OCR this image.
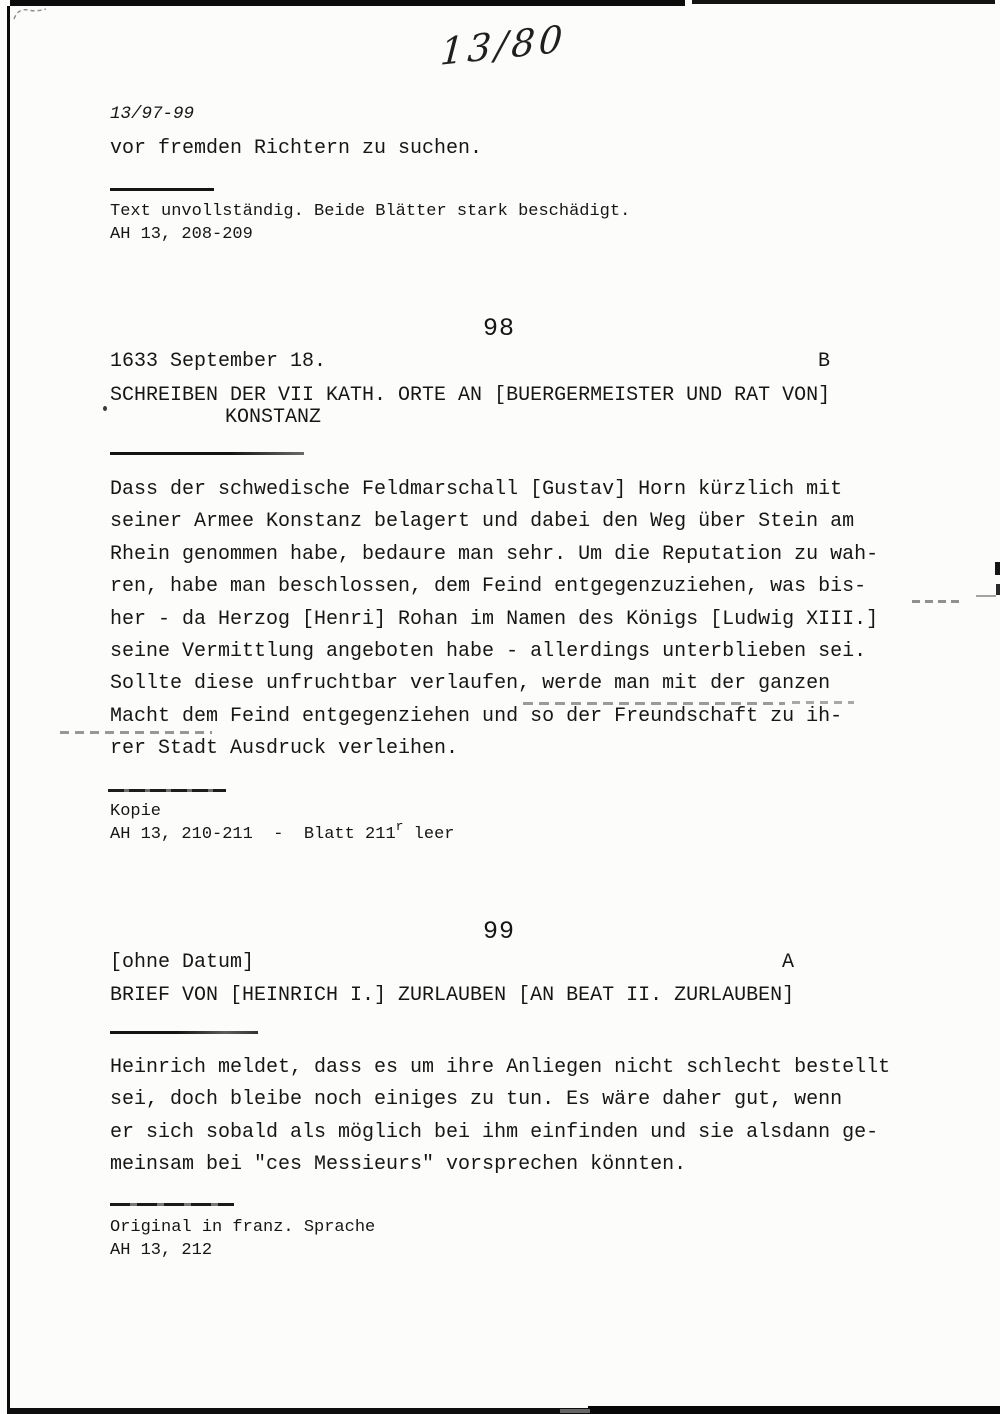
13/80
13/97-99
vor fremden Richtern zu suchen.
Text unvollständig. Beide Blätter stark beschädigt.
AH 13, 208-209
98
1633 September 18.	B
SCHREIBEN DER VII KATH. ORTE AN [BUERGERMEISTER UND RAT VON]
KONSTANZ
Dass der schwedische Feldmarschall [Gustav] Horn kürzlich mit
seiner Armee Konstanz belagert und dabei den Weg über Stein am
Rhein genommen habe, bedaure man sehr. Um die Reputation zu wah-
ren, habe man beschlossen, dem Feind entgegenzuziehen, was bis-
her - da Herzog [Henri] Rohan im Namen des Königs [Ludwig XIII.]
seine Vermittlung angeboten habe - allerdings unterblieben sei.
Sollte diese unfruchtbar verlaufen, werde man mit der ganzen
Macht dem Feind entgegenziehen und so der Freundschaft zu ih-
rer Stadt Ausdruck verleihen.
Kopie
AH 13, 210-211  -  Blatt 211$^r$ leer
99
[ohne Datum]	A
BRIEF VON [HEINRICH I.] ZURLAUBEN [AN BEAT II. ZURLAUBEN]
Heinrich meldet, dass es um ihre Anliegen nicht schlecht bestellt
sei, doch bleibe noch einiges zu tun. Es wäre daher gut, wenn
er sich sobald als möglich bei ihm einfinden und sie alsdann ge-
meinsam bei "ces Messieurs" vorsprechen könnten.
Original in franz. Sprache
AH 13, 212
